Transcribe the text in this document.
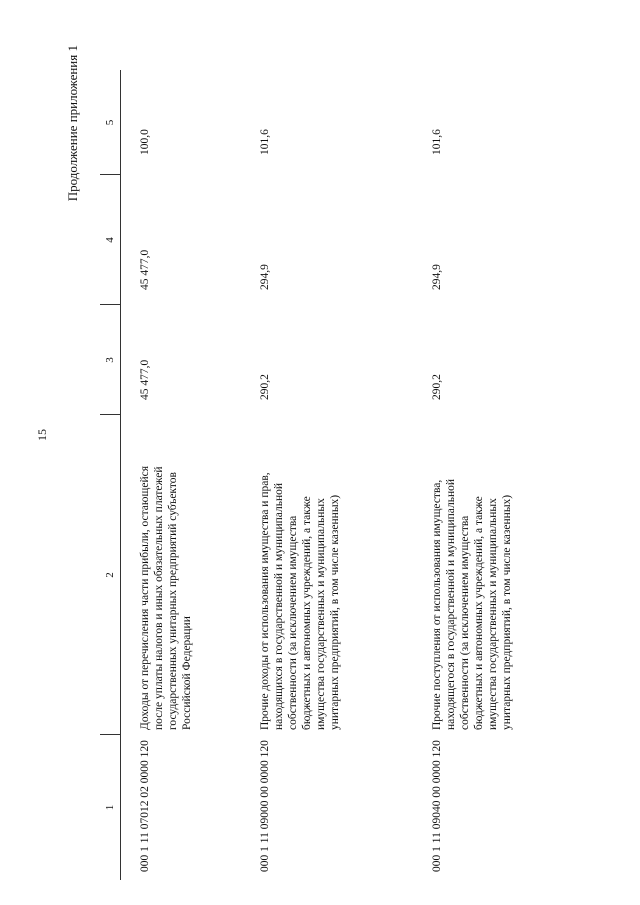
15
Продолжение приложения 1
1
2
3
4
5
000 1 11 07012 02 0000 120
Доходы от перечисления части прибыли, остающейся после уплаты налогов и иных обязательных платежей государственных унитарных предприятий субъектов Российской Федерации
45 477,0
45 477,0
100,0
000 1 11 09000 00 0000 120
Прочие доходы от использования имущества и прав, находящихся в государственной и муниципальной собственности (за исключением имущества бюджетных и автономных учреждений, а также имущества государственных и муниципальных унитарных предприятий, в том числе казенных)
290,2
294,9
101,6
000 1 11 09040 00 0000 120
Прочие поступления от использования имущества, находящегося в государственной и муниципальной собственности (за исключением имущества бюджетных и автономных учреждений, а также имущества государственных и муниципальных унитарных предприятий, в том числе казенных)
290,2
294,9
101,6
